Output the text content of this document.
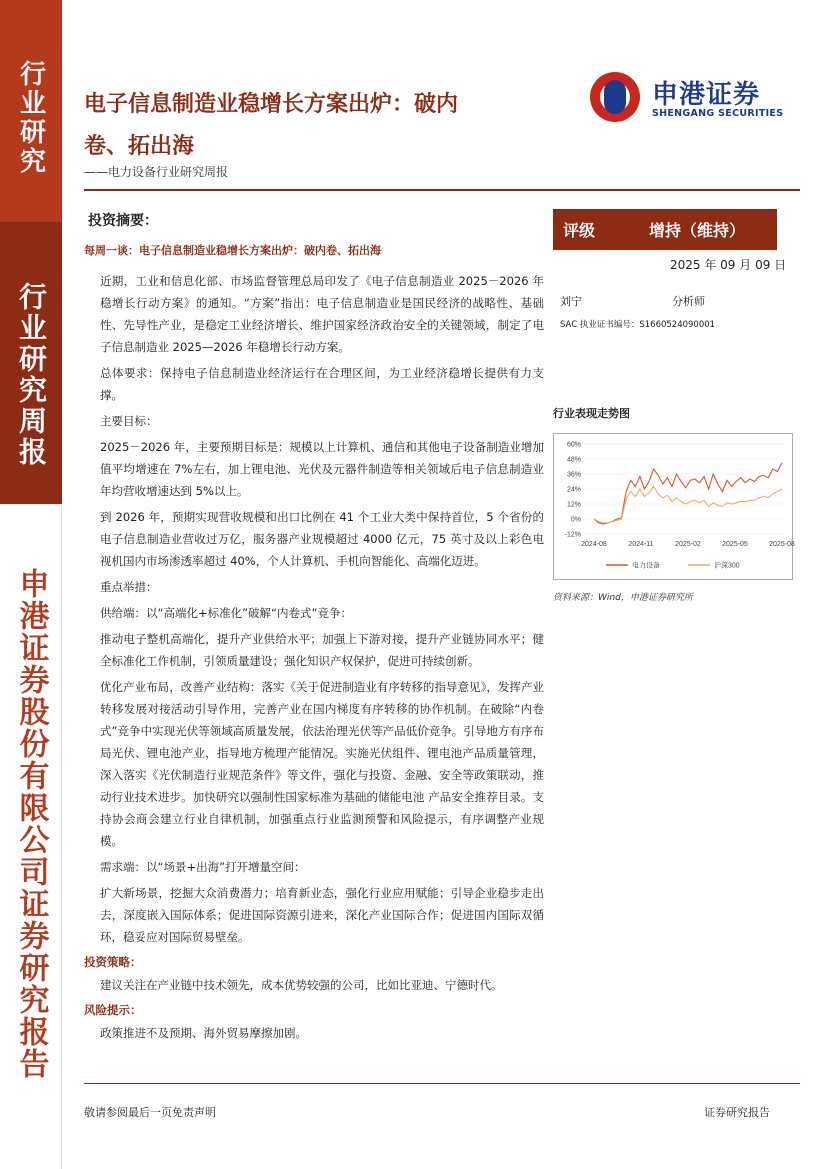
行业研究
行业研究周报
申港证券股份有限公司证券研究报告
电子信息制造业稳增长方案出炉：破内
卷、拓出海
——电力设备行业研究周报
申港证券
SHENGANG SECURITIES
投资摘要：
每周一谈：电子信息制造业稳增长方案出炉：破内卷、拓出海
近期，工业和信息化部、市场监督管理总局印发了《电子信息制造业 2025－2026 年稳增长行动方案》的通知。“方案”指出：电子信息制造业是国民经济的战略性、基础性、先导性产业，是稳定工业经济增长、维护国家经济政治安全的关键领域，制定了电子信息制造业 2025—2026 年稳增长行动方案。
总体要求：保持电子信息制造业经济运行在合理区间，为工业经济稳增长提供有力支撑。
主要目标：
2025－2026 年，主要预期目标是：规模以上计算机、通信和其他电子设备制造业增加值平均增速在 7%左右，加上锂电池、光伏及元器件制造等相关领域后电子信息制造业年均营收增速达到 5%以上。
到 2026 年，预期实现营收规模和出口比例在 41 个工业大类中保持首位，5 个省份的电子信息制造业营收过万亿，服务器产业规模超过 4000 亿元，75 英寸及以上彩色电视机国内市场渗透率超过 40%，个人计算机、手机向智能化、高端化迈进。
重点举措：
供给端：以“高端化+标准化”破解“内卷式”竞争：
推动电子整机高端化，提升产业供给水平；加强上下游对接，提升产业链协同水平；健全标准化工作机制，引领质量建设；强化知识产权保护，促进可持续创新。
优化产业布局，改善产业结构：落实《关于促进制造业有序转移的指导意见》，发挥产业转移发展对接活动引导作用，完善产业在国内梯度有序转移的协作机制。在破除“内卷式”竞争中实现光伏等领域高质量发展，依法治理光伏等产品低价竞争。引导地方有序布局光伏、锂电池产业，指导地方梳理产能情况。实施光伏组件、锂电池产品质量管理，深入落实《光伏制造行业规范条件》等文件，强化与投资、金融、安全等政策联动，推动行业技术进步。加快研究以强制性国家标准为基础的储能电池 产品安全推荐目录。支持协会商会建立行业自律机制，加强重点行业监测预警和风险提示，有序调整产业规模。
需求端：以“场景+出海”打开增量空间：
扩大新场景，挖掘大众消费潜力；培育新业态，强化行业应用赋能；引导企业稳步走出去，深度嵌入国际体系；促进国际资源引进来，深化产业国际合作；促进国内国际双循环，稳妥应对国际贸易壁垒。
投资策略：
建议关注在产业链中技术领先，成本优势较强的公司，比如比亚迪、宁德时代。
风险提示：
政策推进不及预期、海外贸易摩擦加剧。
评级	增持（维持）
2025 年 09 月 09 日
刘宁	分析师
SAC 执业证书编号：S1660524090001
行业表现走势图
60%
48%
36%
24%
12%
0%
-12%
2024-08	2024-11	2025-02	2025-05	2025-08
电力设备	沪深300
资料来源：Wind，申港证券研究所
敬请参阅最后一页免责声明	证券研究报告
